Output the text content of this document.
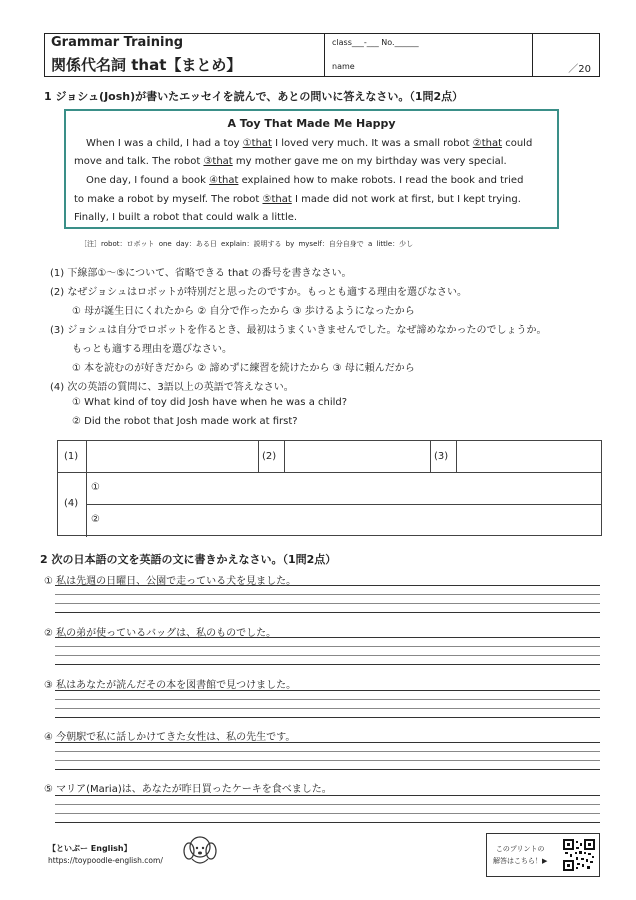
Grammar Training
関係代名詞 that【まとめ】
class___-___ No.______
name	／20
1 ジョシュ(Josh)が書いたエッセイを読んで、あとの問いに答えなさい。（1問2点）
A Toy That Made Me Happy
When I was a child, I had a toy ①that I loved very much. It was a small robot ②that could
move and talk. The robot ③that my mother gave me on my birthday was very special.
One day, I found a book ④that explained how to make robots. I read the book and tried
to make a robot by myself. The robot ⑤that I made did not work at first, but I kept trying.
Finally, I built a robot that could walk a little.
［注］robot：ロボット one day：ある日 explain：説明する by myself：自分自身で a little：少し
(1) 下線部①～⑤について、省略できる that の番号を書きなさい。
(2) なぜジョシュはロボットが特別だと思ったのですか。もっとも適する理由を選びなさい。
① 母が誕生日にくれたから ② 自分で作ったから ③ 歩けるようになったから
(3) ジョシュは自分でロボットを作るとき、最初はうまくいきませんでした。なぜ諦めなかったのでしょうか。
もっとも適する理由を選びなさい。
① 本を読むのが好きだから ② 諦めずに練習を続けたから ③ 母に頼んだから
(4) 次の英語の質問に、3語以上の英語で答えなさい。
① What kind of toy did Josh have when he was a child?
② Did the robot that Josh made work at first?
(1)	(2)	(3)
(4)
①
②
2 次の日本語の文を英語の文に書きかえなさい。（1問2点）
① 私は先週の日曜日、公園で走っている犬を見ました。
② 私の弟が使っているバッグは、私のものでした。
③ 私はあなたが読んだその本を図書館で見つけました。
④ 今朝駅で私に話しかけてきた女性は、私の先生です。
⑤ マリア(Maria)は、あなたが昨日買ったケーキを食べました。
【といぷー English】
https://toypoodle-english.com/
このプリントの
解答はこちら！▶
